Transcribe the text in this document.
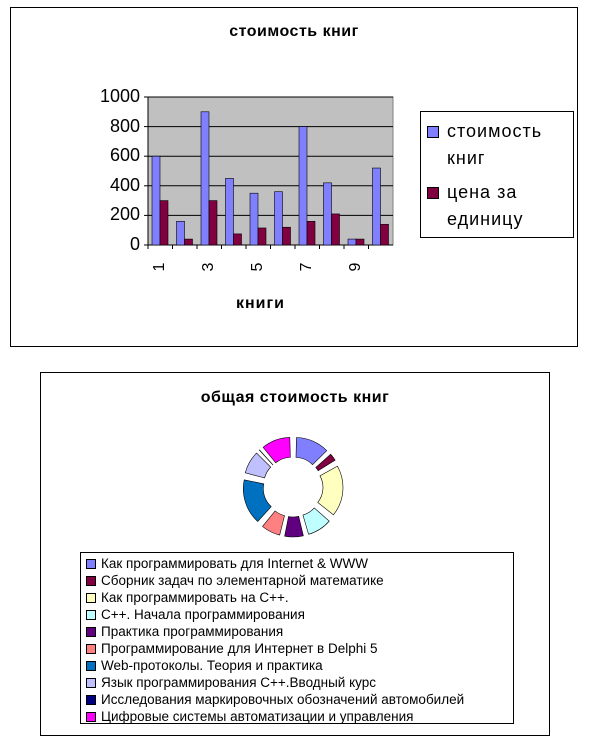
стоимость книг
книги
стоимость книг
цена за единицу
0
200
400
600
800
1000
1 3 5 7 9
общая стоимость книг
Как программировать для Internet & WWW
Сборник задач по элементарной математике
Как программировать на С++.
С++. Начала программирования
Практика программирования
Программирование для Интернет в Delphi 5
Web-протоколы. Теория и практика
Язык программирования С++.Вводный курс
Исследования маркировочных обозначений автомобилей
Цифровые системы автоматизации и управления
